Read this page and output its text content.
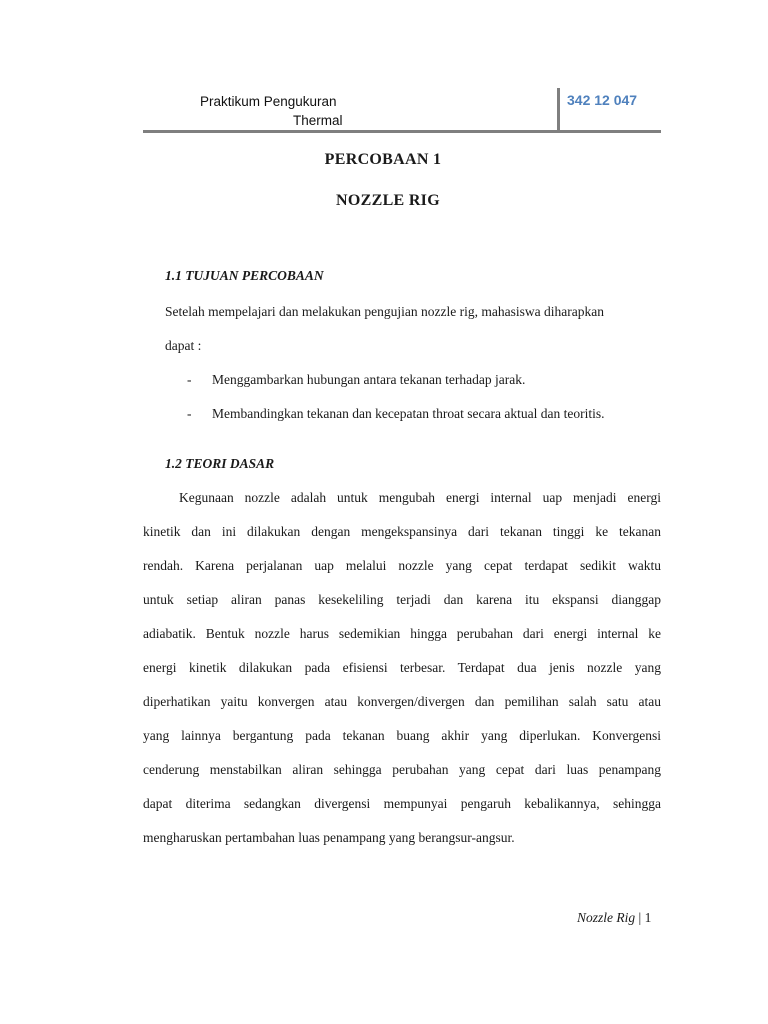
Praktikum Pengukuran
Thermal
342 12 047
PERCOBAAN 1
NOZZLE RIG
1.1 TUJUAN PERCOBAAN
Setelah mempelajari dan melakukan pengujian nozzle rig, mahasiswa diharapkan
dapat :
- Menggambarkan hubungan antara tekanan terhadap jarak.
- Membandingkan tekanan dan kecepatan throat secara aktual dan teoritis.
1.2 TEORI DASAR
Kegunaan nozzle adalah untuk mengubah energi internal uap menjadi energi
kinetik dan ini dilakukan dengan mengekspansinya dari tekanan tinggi ke tekanan
rendah. Karena perjalanan uap melalui nozzle yang cepat terdapat sedikit waktu
untuk setiap aliran panas kesekeliling terjadi dan karena itu ekspansi dianggap
adiabatik. Bentuk nozzle harus sedemikian hingga perubahan dari energi internal ke
energi kinetik dilakukan pada efisiensi terbesar. Terdapat dua jenis nozzle yang
diperhatikan yaitu konvergen atau konvergen/divergen dan pemilihan salah satu atau
yang lainnya bergantung pada tekanan buang akhir yang diperlukan. Konvergensi
cenderung menstabilkan aliran sehingga perubahan yang cepat dari luas penampang
dapat diterima sedangkan divergensi mempunyai pengaruh kebalikannya, sehingga
mengharuskan pertambahan luas penampang yang berangsur-angsur.
Nozzle Rig | 1
